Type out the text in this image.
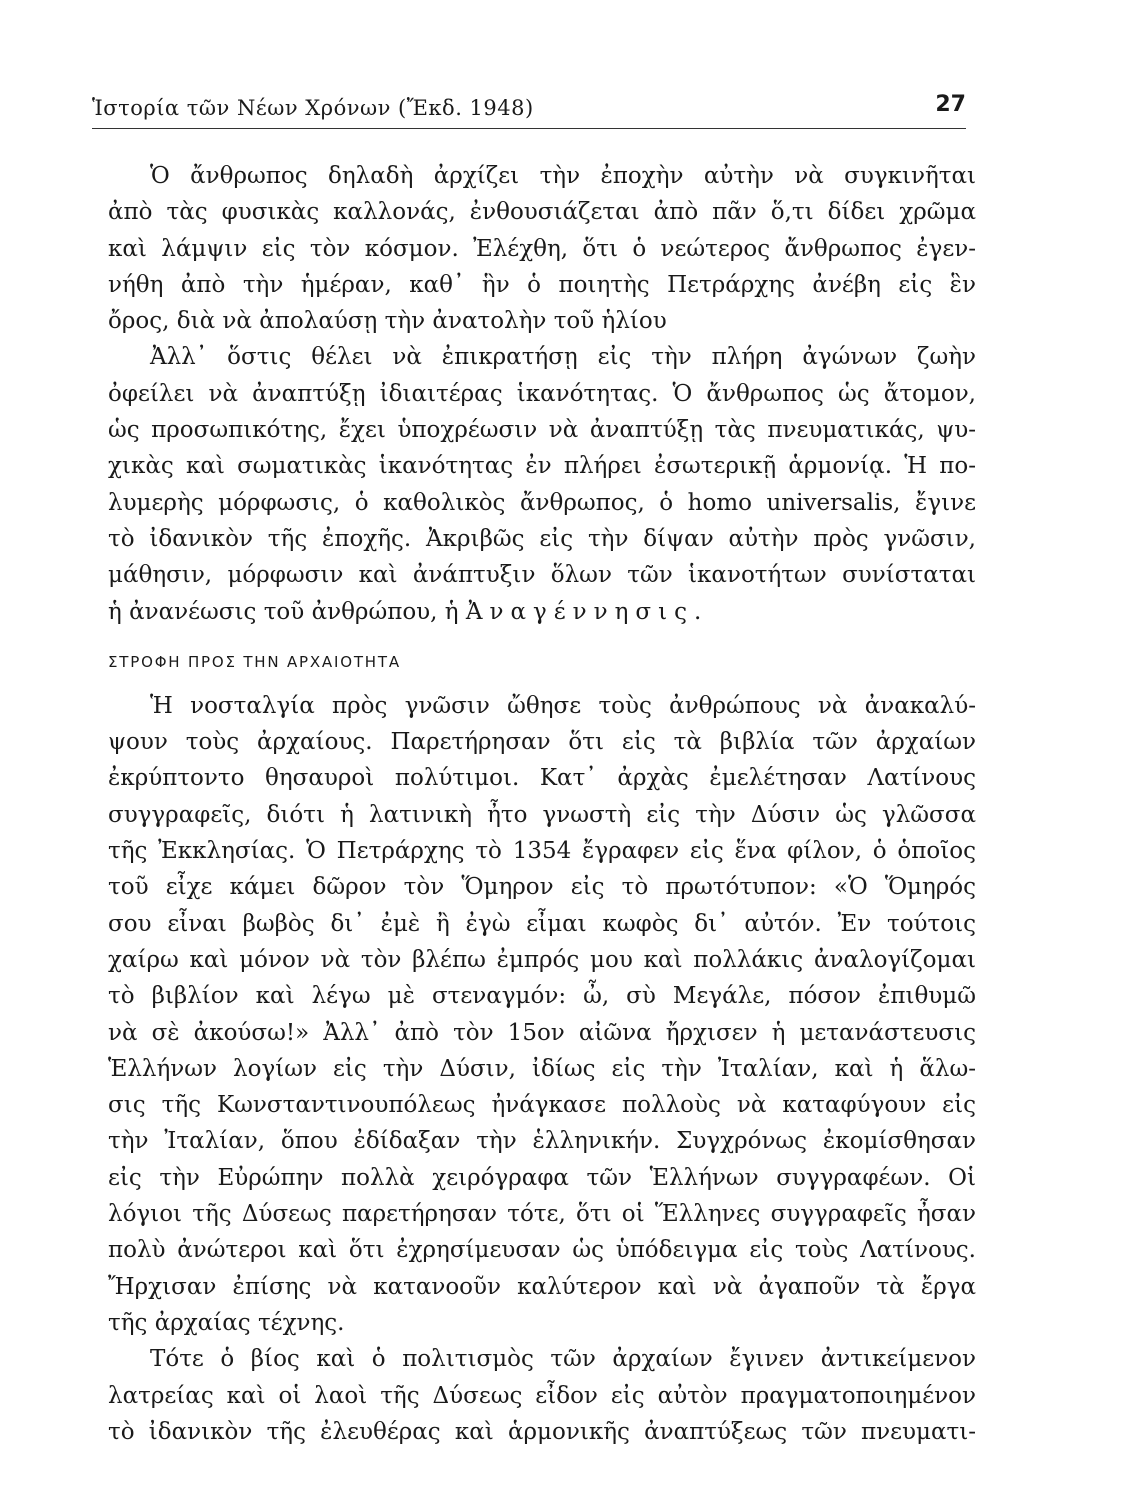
Ἱστορία τῶν Νέων Χρόνων (Ἔκδ. 1948)	27
Ὁ ἄνθρωπος δηλαδὴ ἀρχίζει τὴν ἐποχὴν αὐτὴν νὰ συγκινῆται
ἀπὸ τὰς φυσικὰς καλλονάς, ἐνθουσιάζεται ἀπὸ πᾶν ὅ,τι δίδει χρῶμα
καὶ λάμψιν εἰς τὸν κόσμον. Ἐλέχθη, ὅτι ὁ νεώτερος ἄνθρωπος ἐγεν-
νήθη ἀπὸ τὴν ἡμέραν, καθ᾽ ἣν ὁ ποιητὴς Πετράρχης ἀνέβη εἰς ἓν
ὄρος, διὰ νὰ ἀπολαύσῃ τὴν ἀνατολὴν τοῦ ἡλίου
Ἀλλ᾽ ὅστις θέλει νὰ ἐπικρατήσῃ εἰς τὴν πλήρη ἀγώνων ζωὴν
ὀφείλει νὰ ἀναπτύξῃ ἰδιαιτέρας ἱκανότητας. Ὁ ἄνθρωπος ὡς ἄτομον,
ὡς προσωπικότης, ἔχει ὑποχρέωσιν νὰ ἀναπτύξῃ τὰς πνευματικάς, ψυ-
χικὰς καὶ σωματικὰς ἱκανότητας ἐν πλήρει ἐσωτερικῇ ἁρμονίᾳ. Ἡ πο-
λυμερὴς μόρφωσις, ὁ καθολικὸς ἄνθρωπος, ὁ homo universalis, ἔγινε
τὸ ἰδανικὸν τῆς ἐποχῆς. Ἀκριβῶς εἰς τὴν δίψαν αὐτὴν πρὸς γνῶσιν,
μάθησιν, μόρφωσιν καὶ ἀνάπτυξιν ὅλων τῶν ἱκανοτήτων συνίσταται
ἡ ἀνανέωσις τοῦ ἀνθρώπου, ἡ Ἀναγέννησις.
ΣΤΡΟΦΗ ΠΡΟΣ ΤΗΝ ΑΡΧΑΙΟΤΗΤΑ
Ἡ νοσταλγία πρὸς γνῶσιν ὤθησε τοὺς ἀνθρώπους νὰ ἀνακαλύ-
ψουν τοὺς ἀρχαίους. Παρετήρησαν ὅτι εἰς τὰ βιβλία τῶν ἀρχαίων
ἐκρύπτοντο θησαυροὶ πολύτιμοι. Κατ᾽ ἀρχὰς ἐμελέτησαν Λατίνους
συγγραφεῖς, διότι ἡ λατινικὴ ἦτο γνωστὴ εἰς τὴν Δύσιν ὡς γλῶσσα
τῆς Ἐκκλησίας. Ὁ Πετράρχης τὸ 1354 ἔγραφεν εἰς ἕνα φίλον, ὁ ὁποῖος
τοῦ εἶχε κάμει δῶρον τὸν Ὅμηρον εἰς τὸ πρωτότυπον: «Ὁ Ὅμηρός
σου εἶναι βωβὸς δι᾽ ἐμὲ ἢ ἐγὼ εἶμαι κωφὸς δι᾽ αὐτόν. Ἐν τούτοις
χαίρω καὶ μόνον νὰ τὸν βλέπω ἐμπρός μου καὶ πολλάκις ἀναλογίζομαι
τὸ βιβλίον καὶ λέγω μὲ στεναγμόν: ὦ, σὺ Μεγάλε, πόσον ἐπιθυμῶ
νὰ σὲ ἀκούσω!» Ἀλλ᾽ ἀπὸ τὸν 15ον αἰῶνα ἤρχισεν ἡ μετανάστευσις
Ἑλλήνων λογίων εἰς τὴν Δύσιν, ἰδίως εἰς τὴν Ἰταλίαν, καὶ ἡ ἅλω-
σις τῆς Κωνσταντινουπόλεως ἠνάγκασε πολλοὺς νὰ καταφύγουν εἰς
τὴν Ἰταλίαν, ὅπου ἐδίδαξαν τὴν ἑλληνικήν. Συγχρόνως ἐκομίσθησαν
εἰς τὴν Εὐρώπην πολλὰ χειρόγραφα τῶν Ἑλλήνων συγγραφέων. Οἱ
λόγιοι τῆς Δύσεως παρετήρησαν τότε, ὅτι οἱ Ἕλληνες συγγραφεῖς ἦσαν
πολὺ ἀνώτεροι καὶ ὅτι ἐχρησίμευσαν ὡς ὑπόδειγμα εἰς τοὺς Λατίνους.
Ἤρχισαν ἐπίσης νὰ κατανοοῦν καλύτερον καὶ νὰ ἀγαποῦν τὰ ἔργα
τῆς ἀρχαίας τέχνης.
Τότε ὁ βίος καὶ ὁ πολιτισμὸς τῶν ἀρχαίων ἔγινεν ἀντικείμενον
λατρείας καὶ οἱ λαοὶ τῆς Δύσεως εἶδον εἰς αὐτὸν πραγματοποιημένον
τὸ ἰδανικὸν τῆς ἐλευθέρας καὶ ἁρμονικῆς ἀναπτύξεως τῶν πνευματι-
